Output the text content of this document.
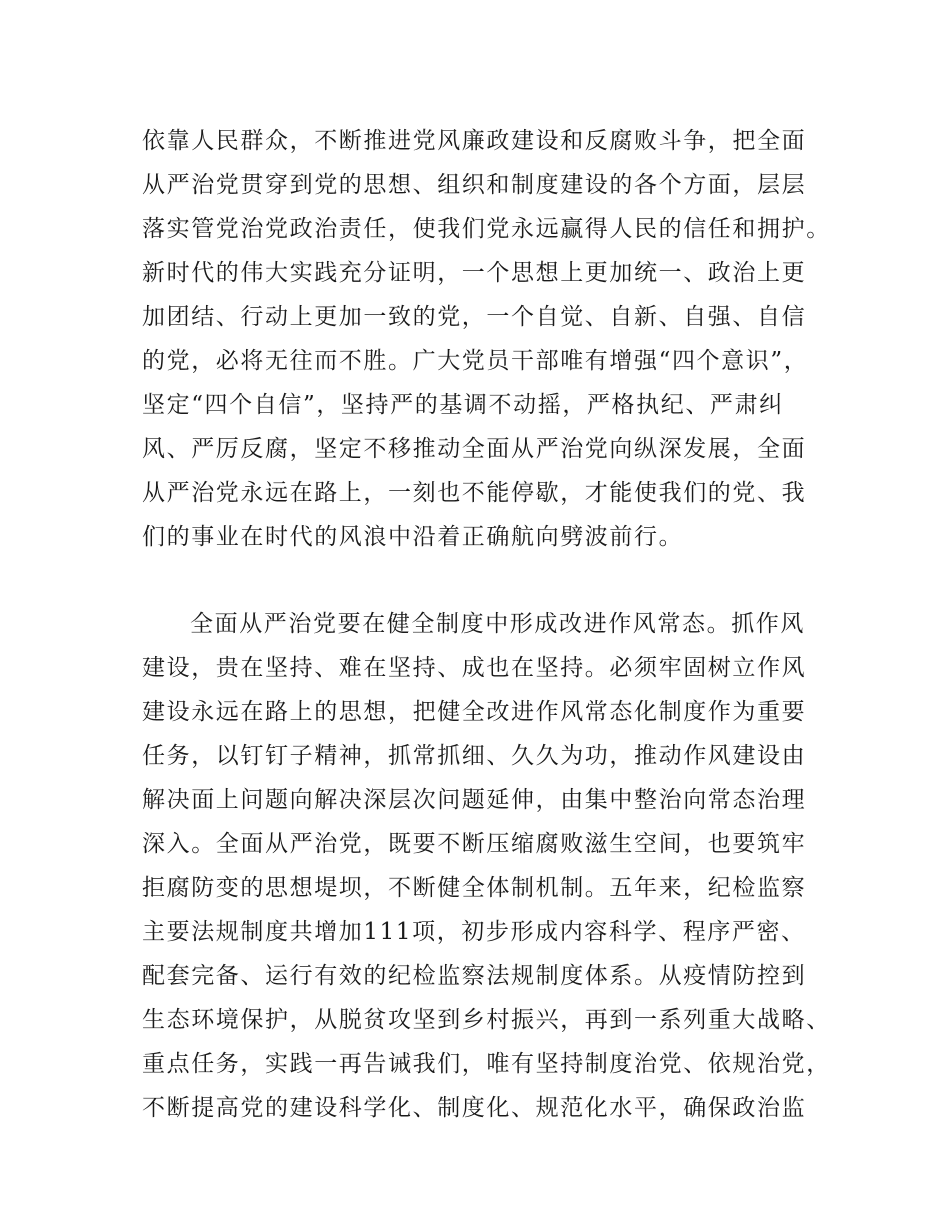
依靠人民群众，不断推进党风廉政建设和反腐败斗争，把全面

从严治党贯穿到党的思想、组织和制度建设的各个方面，层层

落实管党治党政治责任，使我们党永远赢得人民的信任和拥护。

新时代的伟大实践充分证明，一个思想上更加统一、政治上更

加团结、行动上更加一致的党，一个自觉、自新、自强、自信

的党，必将无往而不胜。广大党员干部唯有增强“四个意识”，

坚定“四个自信”，坚持严的基调不动摇，严格执纪、严肃纠

风、严厉反腐，坚定不移推动全面从严治党向纵深发展，全面

从严治党永远在路上，一刻也不能停歇，才能使我们的党、我

们的事业在时代的风浪中沿着正确航向劈波前行。

全面从严治党要在健全制度中形成改进作风常态。抓作风

建设，贵在坚持、难在坚持、成也在坚持。必须牢固树立作风

建设永远在路上的思想，把健全改进作风常态化制度作为重要

任务，以钉钉子精神，抓常抓细、久久为功，推动作风建设由

解决面上问题向解决深层次问题延伸，由集中整治向常态治理

深入。全面从严治党，既要不断压缩腐败滋生空间，也要筑牢

拒腐防变的思想堤坝，不断健全体制机制。五年来，纪检监察

主要法规制度共增加111项，初步形成内容科学、程序严密、

配套完备、运行有效的纪检监察法规制度体系。从疫情防控到

生态环境保护，从脱贫攻坚到乡村振兴，再到一系列重大战略、

重点任务，实践一再告诫我们，唯有坚持制度治党、依规治党，

不断提高党的建设科学化、制度化、规范化水平，确保政治监
